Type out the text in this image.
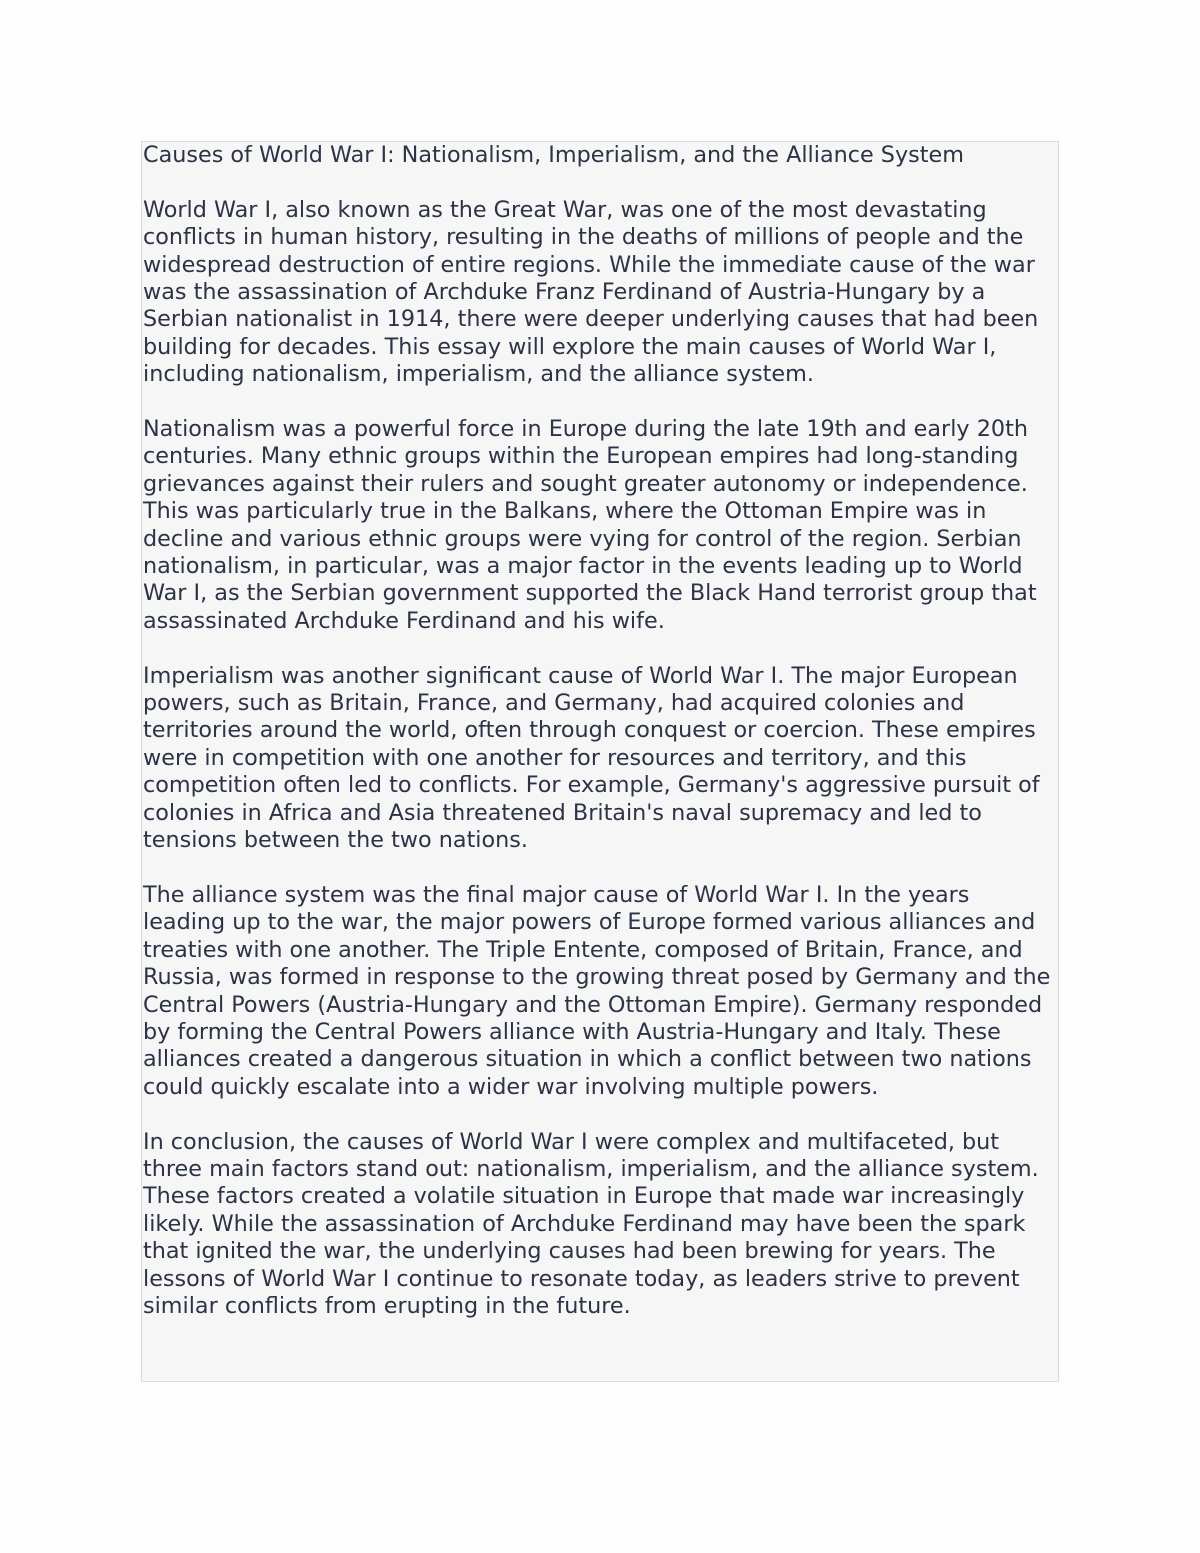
Causes of World War I: Nationalism, Imperialism, and the Alliance System

World War I, also known as the Great War, was one of the most devastating conflicts in human history, resulting in the deaths of millions of people and the widespread destruction of entire regions. While the immediate cause of the war was the assassination of Archduke Franz Ferdinand of Austria-Hungary by a Serbian nationalist in 1914, there were deeper underlying causes that had been building for decades. This essay will explore the main causes of World War I, including nationalism, imperialism, and the alliance system.

Nationalism was a powerful force in Europe during the late 19th and early 20th centuries. Many ethnic groups within the European empires had long-standing grievances against their rulers and sought greater autonomy or independence. This was particularly true in the Balkans, where the Ottoman Empire was in decline and various ethnic groups were vying for control of the region. Serbian nationalism, in particular, was a major factor in the events leading up to World War I, as the Serbian government supported the Black Hand terrorist group that assassinated Archduke Ferdinand and his wife.

Imperialism was another significant cause of World War I. The major European powers, such as Britain, France, and Germany, had acquired colonies and territories around the world, often through conquest or coercion. These empires were in competition with one another for resources and territory, and this competition often led to conflicts. For example, Germany's aggressive pursuit of colonies in Africa and Asia threatened Britain's naval supremacy and led to tensions between the two nations.

The alliance system was the final major cause of World War I. In the years leading up to the war, the major powers of Europe formed various alliances and treaties with one another. The Triple Entente, composed of Britain, France, and Russia, was formed in response to the growing threat posed by Germany and the Central Powers (Austria-Hungary and the Ottoman Empire). Germany responded by forming the Central Powers alliance with Austria-Hungary and Italy. These alliances created a dangerous situation in which a conflict between two nations could quickly escalate into a wider war involving multiple powers.

In conclusion, the causes of World War I were complex and multifaceted, but three main factors stand out: nationalism, imperialism, and the alliance system. These factors created a volatile situation in Europe that made war increasingly likely. While the assassination of Archduke Ferdinand may have been the spark that ignited the war, the underlying causes had been brewing for years. The lessons of World War I continue to resonate today, as leaders strive to prevent similar conflicts from erupting in the future.
